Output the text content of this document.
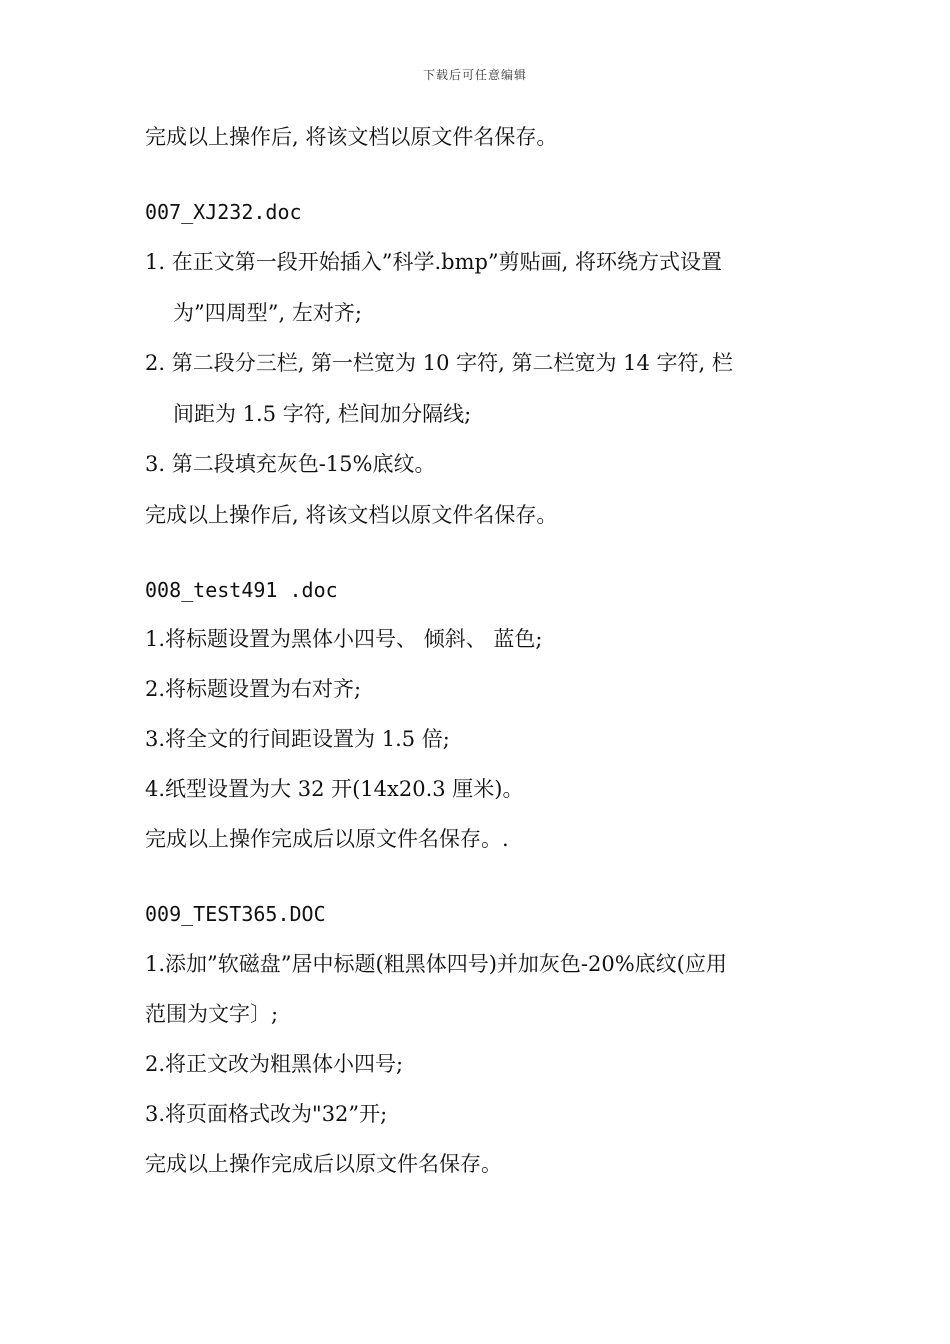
下载后可任意编辑
完成以上操作后, 将该文档以原文件名保存。
007_XJ232.doc
1. 在正文第一段开始插入”科学.bmp”剪贴画, 将环绕方式设置
为”四周型”, 左对齐;
2. 第二段分三栏, 第一栏宽为 10 字符, 第二栏宽为 14 字符, 栏
间距为 1.5 字符, 栏间加分隔线;
3. 第二段填充灰色-15%底纹。
完成以上操作后, 将该文档以原文件名保存。
008_test491 .doc
1.将标题设置为黑体小四号、 倾斜、 蓝色;
2.将标题设置为右对齐;
3.将全文的行间距设置为 1.5 倍;
4.纸型设置为大 32 开(14x20.3 厘米)。
完成以上操作完成后以原文件名保存。.
009_TEST365.DOC
1.添加”软磁盘”居中标题(粗黑体四号)并加灰色-20%底纹(应用
范围为文字〕;
2.将正文改为粗黑体小四号;
3.将页面格式改为"32”开;
完成以上操作完成后以原文件名保存。
